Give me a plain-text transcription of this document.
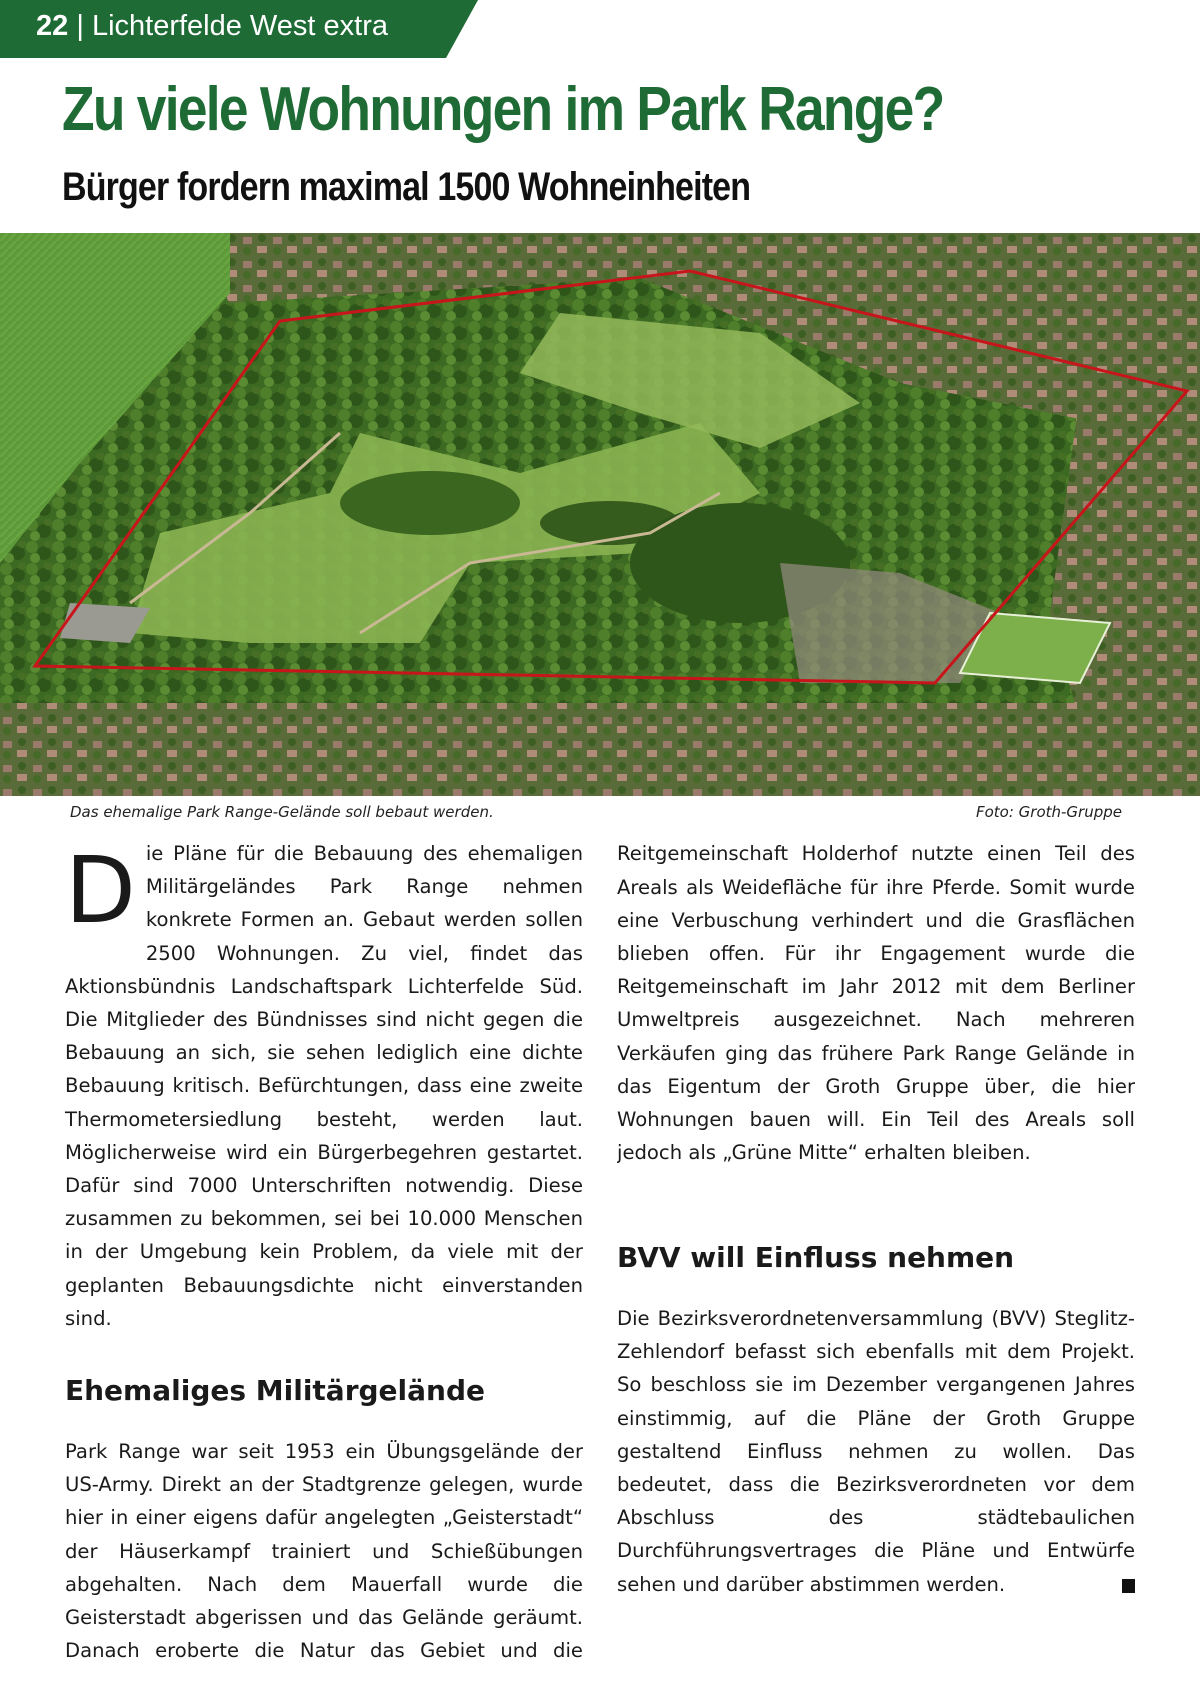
22 | Lichterfelde West extra
Zu viele Wohnungen im Park Range?
Bürger fordern maximal 1500 Wohneinheiten
Das ehemalige Park Range-Gelände soll bebaut werden.	Foto: Groth-Gruppe

Die Pläne für die Bebauung des ehemaligen Militärgeländes Park Range nehmen konkrete Formen an. Gebaut werden sollen 2500 Wohnungen. Zu viel, findet das Aktionsbündnis Landschaftspark Lichterfelde Süd. Die Mitglieder des Bündnisses sind nicht gegen die Bebauung an sich, sie sehen lediglich eine dichte Bebauung kritisch. Befürchtungen, dass eine zweite Thermometersiedlung besteht, werden laut. Möglicherweise wird ein Bürgerbegehren gestartet. Dafür sind 7000 Unterschriften notwendig. Diese zusammen zu bekommen, sei bei 10.000 Menschen in der Umgebung kein Problem, da viele mit der geplanten Bebauungsdichte nicht einverstanden sind.

Ehemaliges Militärgelände

Park Range war seit 1953 ein Übungsgelände der US-Army. Direkt an der Stadtgrenze gelegen, wurde hier in einer eigens dafür angelegten „Geisterstadt“ der Häuserkampf trainiert und Schießübungen abgehalten. Nach dem Mauerfall wurde die Geisterstadt abgerissen und das Gelände geräumt. Danach eroberte die Natur das Gebiet und die

Reitgemeinschaft Holderhof nutzte einen Teil des Areals als Weidefläche für ihre Pferde. Somit wurde eine Verbuschung verhindert und die Grasflächen blieben offen. Für ihr Engagement wurde die Reitgemeinschaft im Jahr 2012 mit dem Berliner Umweltpreis ausgezeichnet. Nach mehreren Verkäufen ging das frühere Park Range Gelände in das Eigentum der Groth Gruppe über, die hier Wohnungen bauen will. Ein Teil des Areals soll jedoch als „Grüne Mitte“ erhalten bleiben.

BVV will Einfluss nehmen

Die Bezirksverordnetenversammlung (BVV) Steglitz-Zehlendorf befasst sich ebenfalls mit dem Projekt. So beschloss sie im Dezember vergangenen Jahres einstimmig, auf die Pläne der Groth Gruppe gestaltend Einfluss nehmen zu wollen. Das bedeutet, dass die Bezirksverordneten vor dem Abschluss des städtebaulichen Durchführungsvertrages die Pläne und Entwürfe sehen und darüber abstimmen werden.
